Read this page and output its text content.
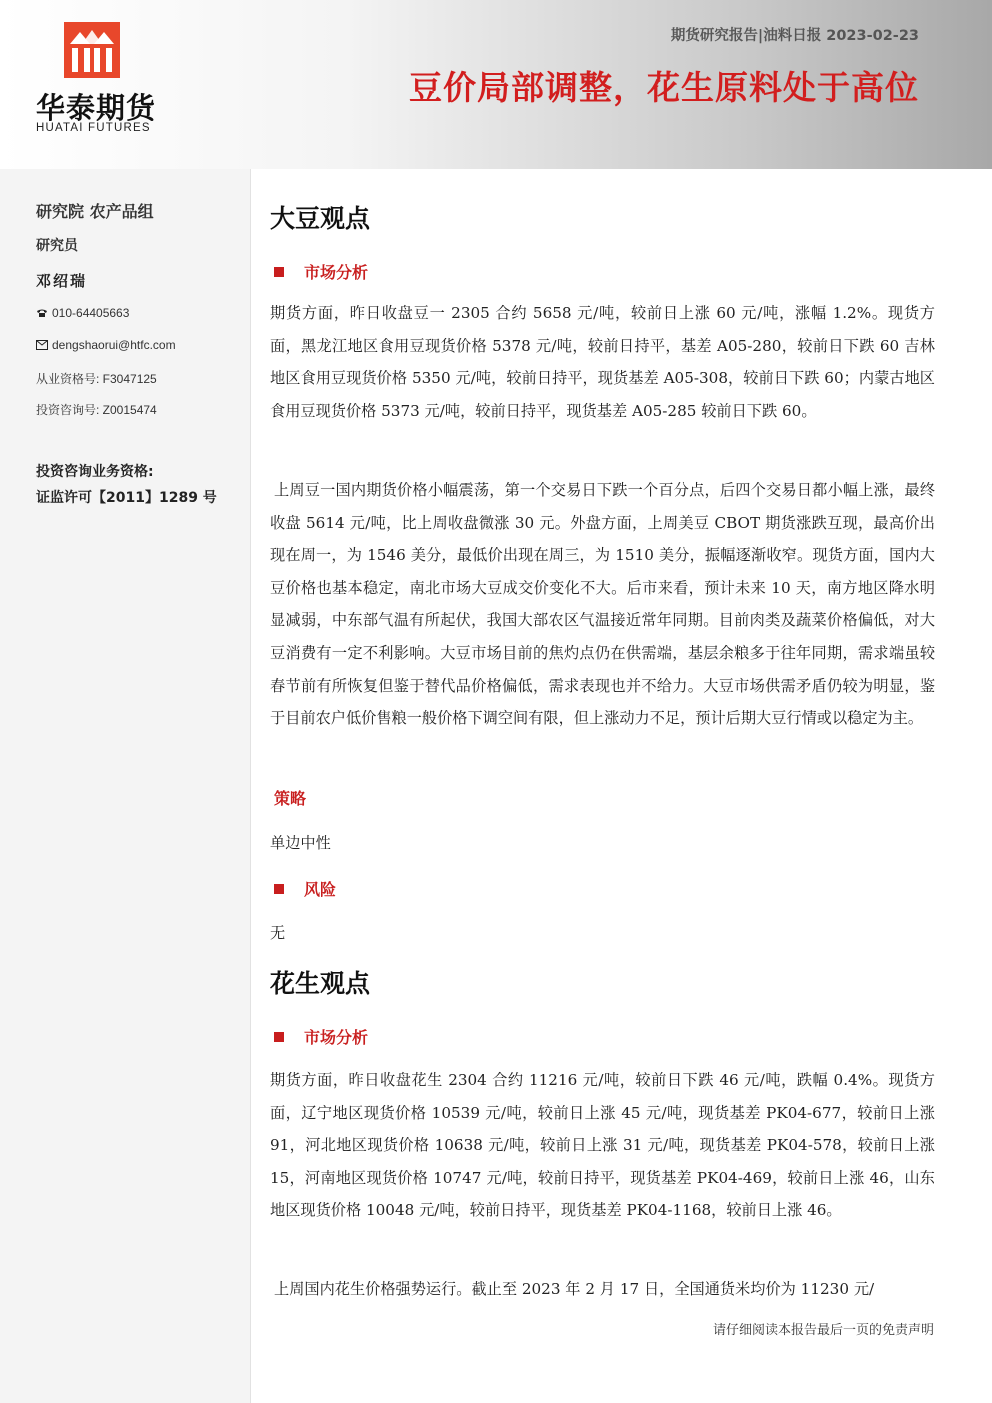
华泰期货
HUATAI FUTURES
期货研究报告|油料日报 2023-02-23
豆价局部调整，花生原料处于高位
研究院 农产品组
研究员
邓绍瑞
010-64405663
dengshaorui@htfc.com
从业资格号: F3047125
投资咨询号: Z0015474
投资咨询业务资格:
证监许可【2011】1289 号
大豆观点
市场分析
期货方面，昨日收盘豆一 2305 合约 5658 元/吨，较前日上涨 60 元/吨，涨幅 1.2%。现货方面，黑龙江地区食用豆现货价格 5378 元/吨，较前日持平，基差 A05-280，较前日下跌 60 吉林地区食用豆现货价格 5350 元/吨，较前日持平，现货基差 A05-308，较前日下跌 60；内蒙古地区食用豆现货价格 5373 元/吨，较前日持平，现货基差 A05-285 较前日下跌 60。
上周豆一国内期货价格小幅震荡，第一个交易日下跌一个百分点，后四个交易日都小幅上涨，最终收盘 5614 元/吨，比上周收盘微涨 30 元。外盘方面，上周美豆 CBOT 期货涨跌互现，最高价出现在周一，为 1546 美分，最低价出现在周三，为 1510 美分，振幅逐渐收窄。现货方面，国内大豆价格也基本稳定，南北市场大豆成交价变化不大。后市来看，预计未来 10 天，南方地区降水明显减弱，中东部气温有所起伏，我国大部农区气温接近常年同期。目前肉类及蔬菜价格偏低，对大豆消费有一定不利影响。大豆市场目前的焦灼点仍在供需端，基层余粮多于往年同期，需求端虽较春节前有所恢复但鉴于替代品价格偏低，需求表现也并不给力。大豆市场供需矛盾仍较为明显，鉴于目前农户低价售粮一般价格下调空间有限，但上涨动力不足，预计后期大豆行情或以稳定为主。
策略
单边中性
风险
无
花生观点
市场分析
期货方面，昨日收盘花生 2304 合约 11216 元/吨，较前日下跌 46 元/吨，跌幅 0.4%。现货方面，辽宁地区现货价格 10539 元/吨，较前日上涨 45 元/吨，现货基差 PK04-677，较前日上涨 91，河北地区现货价格 10638 元/吨，较前日上涨 31 元/吨，现货基差 PK04-578，较前日上涨 15，河南地区现货价格 10747 元/吨，较前日持平，现货基差 PK04-469，较前日上涨 46，山东地区现货价格 10048 元/吨，较前日持平，现货基差 PK04-1168，较前日上涨 46。
上周国内花生价格强势运行。截止至 2023 年 2 月 17 日，全国通货米均价为 11230 元/
请仔细阅读本报告最后一页的免责声明
